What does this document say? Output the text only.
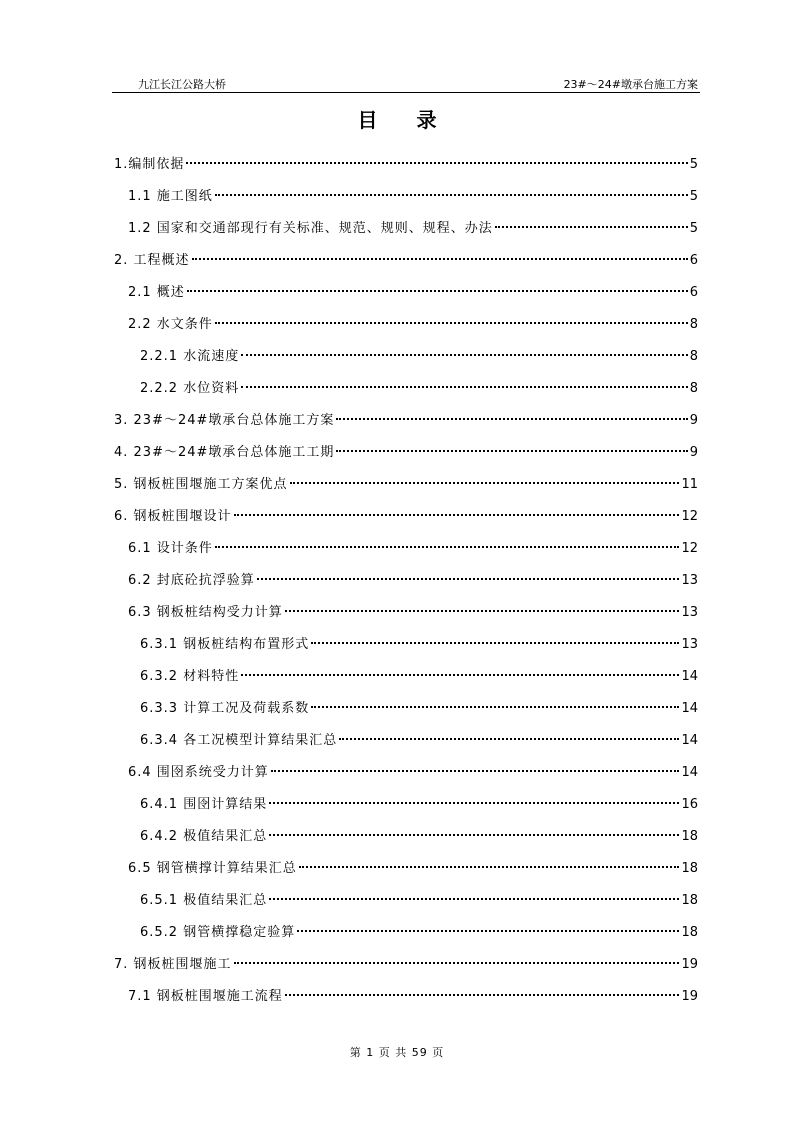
九江长江公路大桥	23#～24#墩承台施工方案
目 录
1.编制依据	5
1.1 施工图纸	5
1.2 国家和交通部现行有关标准、规范、规则、规程、办法	5
2. 工程概述	6
2.1 概述	6
2.2 水文条件	8
2.2.1 水流速度	8
2.2.2 水位资料	8
3. 23#～24#墩承台总体施工方案	9
4. 23#～24#墩承台总体施工工期	9
5. 钢板桩围堰施工方案优点	11
6. 钢板桩围堰设计	12
6.1 设计条件	12
6.2 封底砼抗浮验算	13
6.3 钢板桩结构受力计算	13
6.3.1 钢板桩结构布置形式	13
6.3.2 材料特性	14
6.3.3 计算工况及荷载系数	14
6.3.4 各工况模型计算结果汇总	14
6.4 围囹系统受力计算	14
6.4.1 围囹计算结果	16
6.4.2 极值结果汇总	18
6.5 钢管横撑计算结果汇总	18
6.5.1 极值结果汇总	18
6.5.2 钢管横撑稳定验算	18
7. 钢板桩围堰施工	19
7.1 钢板桩围堰施工流程	19
第 1 页 共 59 页
